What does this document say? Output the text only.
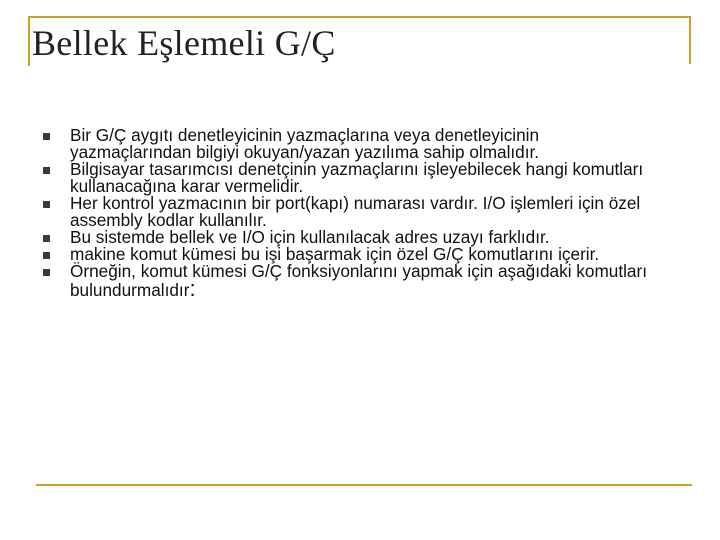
Bellek Eşlemeli G/Ç
Bir G/Ç aygıtı denetleyicinin yazmaçlarına veya denetleyicinin yazmaçlarından bilgiyi okuyan/yazan yazılıma sahip olmalıdır.
Bilgisayar tasarımcısı denetçinin yazmaçlarını işleyebilecek hangi komutları kullanacağına karar vermelidir.
Her kontrol yazmacının bir port(kapı) numarası vardır. I/O işlemleri için özel assembly kodlar kullanılır.
Bu sistemde bellek ve I/O için kullanılacak adres uzayı farklıdır.
makine komut kümesi bu işi başarmak için özel G/Ç komutlarını içerir.
Örneğin, komut kümesi G/Ç fonksiyonlarını yapmak için aşağıdaki komutları bulundurmalıdır:
